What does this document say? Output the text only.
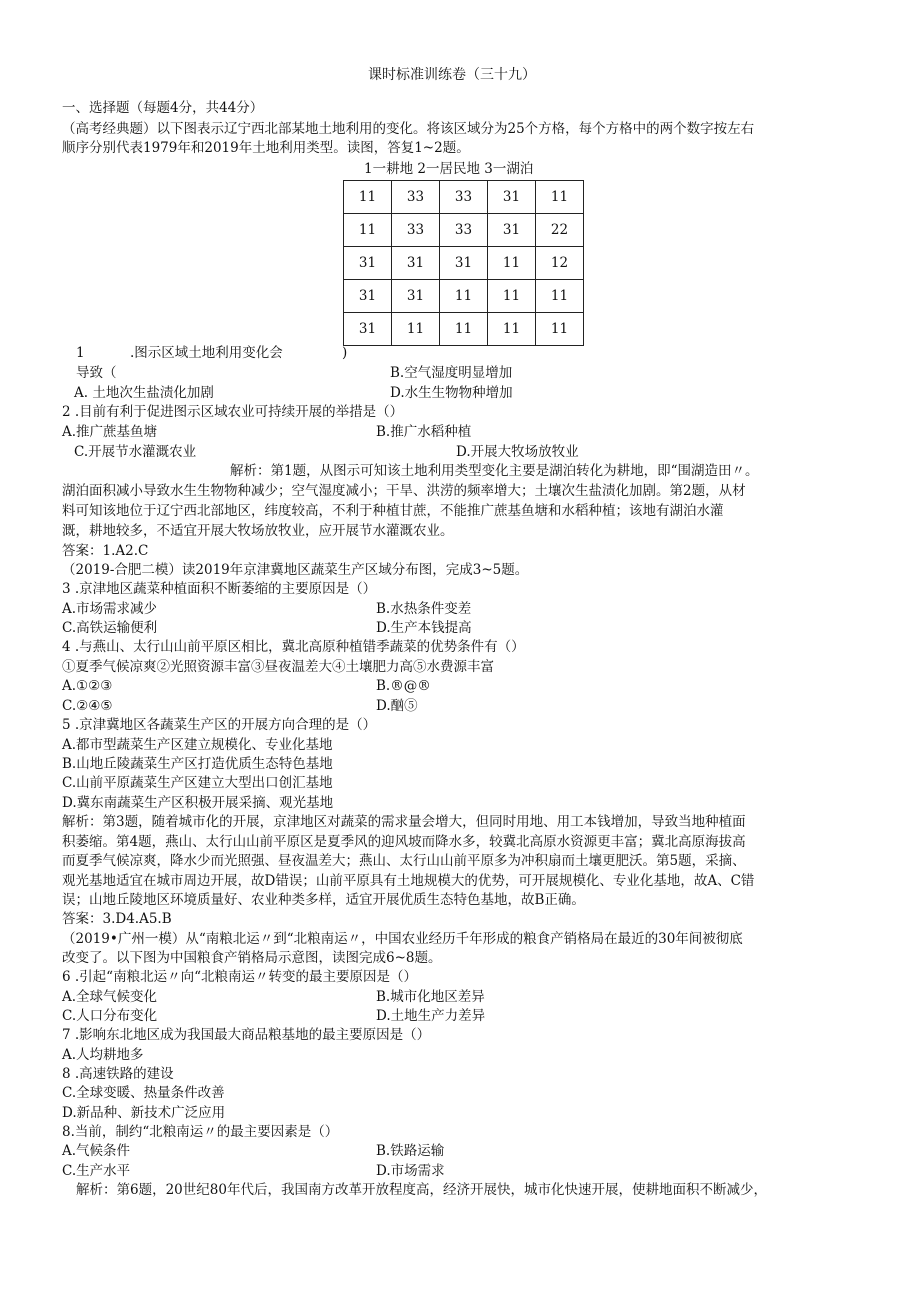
课时标准训练卷（三十九）
一、选择题（每题4分，共44分）
（高考经典题）以下图表示辽宁西北部某地土地利用的变化。将该区域分为25个方格，每个方格中的两个数字按左右
顺序分别代表1979年和2019年土地利用类型。读图，答复1~2题。
1一耕地 2一居民地 3一湖泊
11	33	33	31	11
11	33	33	31	22
31	31	31	11	12
31	31	11	11	11
31	11	11	11	11
1	.图示区域土地利用变化会	)
导致（	B.空气湿度明显增加
A. 土地次生盐渍化加剧	D.水生生物物种增加
2 .目前有利于促进图示区域农业可持续开展的举措是（）
A.推广蔗基鱼塘	B.推广水稻种植
C.开展节水灌溉农业	D.开展大牧场放牧业
解析：第1题，从图示可知该土地利用类型变化主要是湖泊转化为耕地，即“围湖造田〃。
湖泊面积减小导致水生生物物种减少；空气湿度减小；干旱、洪涝的频率增大；土壤次生盐渍化加剧。第2题，从材
料可知该地位于辽宁西北部地区，纬度较高，不利于种植甘蔗，不能推广蔗基鱼塘和水稻种植；该地有湖泊水灌
溉，耕地较多，不适宜开展大牧场放牧业，应开展节水灌溉农业。
答案：1.A2.C
（2019-合肥二模）读2019年京津冀地区蔬菜生产区域分布图，完成3~5题。
3 .京津地区蔬菜种植面积不断萎缩的主要原因是（）
A.市场需求减少	B.水热条件变差
C.高铁运输便利	D.生产本钱提高
4 .与燕山、太行山山前平原区相比，冀北高原种植错季蔬菜的优势条件有（）
①夏季气候凉爽②光照资源丰富③昼夜温差大④土壤肥力高⑤水费源丰富
A.①②③	B.®@®
C.②④⑤	D.酗⑤
5 .京津冀地区各蔬菜生产区的开展方向合理的是（）
A.都市型蔬菜生产区建立规模化、专业化基地
B.山地丘陵蔬菜生产区打造优质生态特色基地
C.山前平原蔬菜生产区建立大型出口创汇基地
D.冀东南蔬菜生产区积极开展采摘、观光基地
解析：第3题，随着城市化的开展，京津地区对蔬菜的需求量会增大，但同时用地、用工本钱增加，导致当地种植面
积萎缩。第4题，燕山、太行山山前平原区是夏季风的迎风坡而降水多，较冀北高原水资源更丰富；冀北高原海拔高
而夏季气候凉爽，降水少而光照强、昼夜温差大；燕山、太行山山前平原多为冲积扇而土壤更肥沃。第5题，采摘、
观光基地适宜在城市周边开展，故D错误；山前平原具有土地规模大的优势，可开展规模化、专业化基地，故A、C错
误；山地丘陵地区环境质量好、农业种类多样，适宜开展优质生态特色基地，故B正确。
答案：3.D4.A5.B
（2019•广州一模）从“南粮北运〃到“北粮南运〃，中国农业经历千年形成的粮食产销格局在最近的30年间被彻底
改变了。以下图为中国粮食产销格局示意图，读图完成6~8题。
6 .引起“南粮北运〃向“北粮南运〃转变的最主要原因是（）
A.全球气候变化	B.城市化地区差异
C.人口分布变化	D.土地生产力差异
7 .影响东北地区成为我国最大商品粮基地的最主要原因是（）
A.人均耕地多
8 .高速铁路的建设
C.全球变暖、热量条件改善
D.新品种、新技术广泛应用
8.当前，制约“北粮南运〃的最主要因素是（）
A.气候条件	B.铁路运输
C.生产水平	D.市场需求
解析：第6题，20世纪80年代后，我国南方改革开放程度高，经济开展快，城市化快速开展，使耕地面积不断减少，
